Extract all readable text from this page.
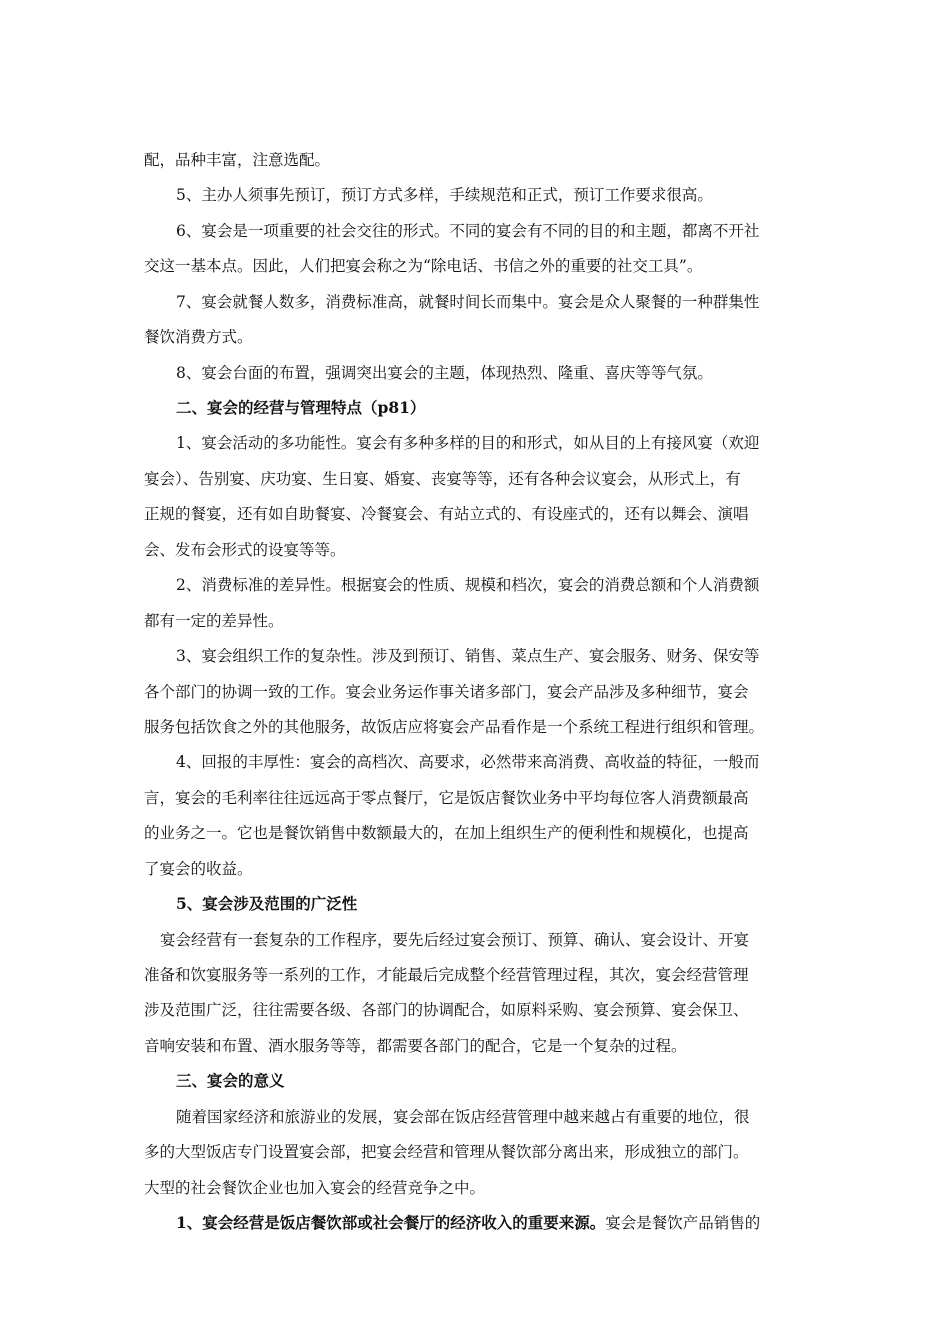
配，品种丰富，注意选配。
5、主办人须事先预订，预订方式多样，手续规范和正式，预订工作要求很高。
6、宴会是一项重要的社会交往的形式。不同的宴会有不同的目的和主题，都离不开社
交这一基本点。因此，人们把宴会称之为“除电话、书信之外的重要的社交工具”。
7、宴会就餐人数多，消费标准高，就餐时间长而集中。宴会是众人聚餐的一种群集性
餐饮消费方式。
8、宴会台面的布置，强调突出宴会的主题，体现热烈、隆重、喜庆等等气氛。
二、宴会的经营与管理特点（p81）
1、宴会活动的多功能性。宴会有多种多样的目的和形式，如从目的上有接风宴（欢迎
宴会）、告别宴、庆功宴、生日宴、婚宴、丧宴等等，还有各种会议宴会，从形式上，有
正规的餐宴，还有如自助餐宴、冷餐宴会、有站立式的、有设座式的，还有以舞会、演唱
会、发布会形式的设宴等等。
2、消费标准的差异性。根据宴会的性质、规模和档次，宴会的消费总额和个人消费额
都有一定的差异性。
3、宴会组织工作的复杂性。涉及到预订、销售、菜点生产、宴会服务、财务、保安等
各个部门的协调一致的工作。宴会业务运作事关诸多部门，宴会产品涉及多种细节，宴会
服务包括饮食之外的其他服务，故饭店应将宴会产品看作是一个系统工程进行组织和管理。
4、回报的丰厚性：宴会的高档次、高要求，必然带来高消费、高收益的特征，一般而
言，宴会的毛利率往往远远高于零点餐厅，它是饭店餐饮业务中平均每位客人消费额最高
的业务之一。它也是餐饮销售中数额最大的，在加上组织生产的便利性和规模化，也提高
了宴会的收益。
5、宴会涉及范围的广泛性
宴会经营有一套复杂的工作程序，要先后经过宴会预订、预算、确认、宴会设计、开宴
准备和饮宴服务等一系列的工作，才能最后完成整个经营管理过程，其次，宴会经营管理
涉及范围广泛，往往需要各级、各部门的协调配合，如原料采购、宴会预算、宴会保卫、
音响安装和布置、酒水服务等等，都需要各部门的配合，它是一个复杂的过程。
三、宴会的意义
随着国家经济和旅游业的发展，宴会部在饭店经营管理中越来越占有重要的地位，很
多的大型饭店专门设置宴会部，把宴会经营和管理从餐饮部分离出来，形成独立的部门。
大型的社会餐饮企业也加入宴会的经营竞争之中。
1、宴会经营是饭店餐饮部或社会餐厅的经济收入的重要来源。宴会是餐饮产品销售的
